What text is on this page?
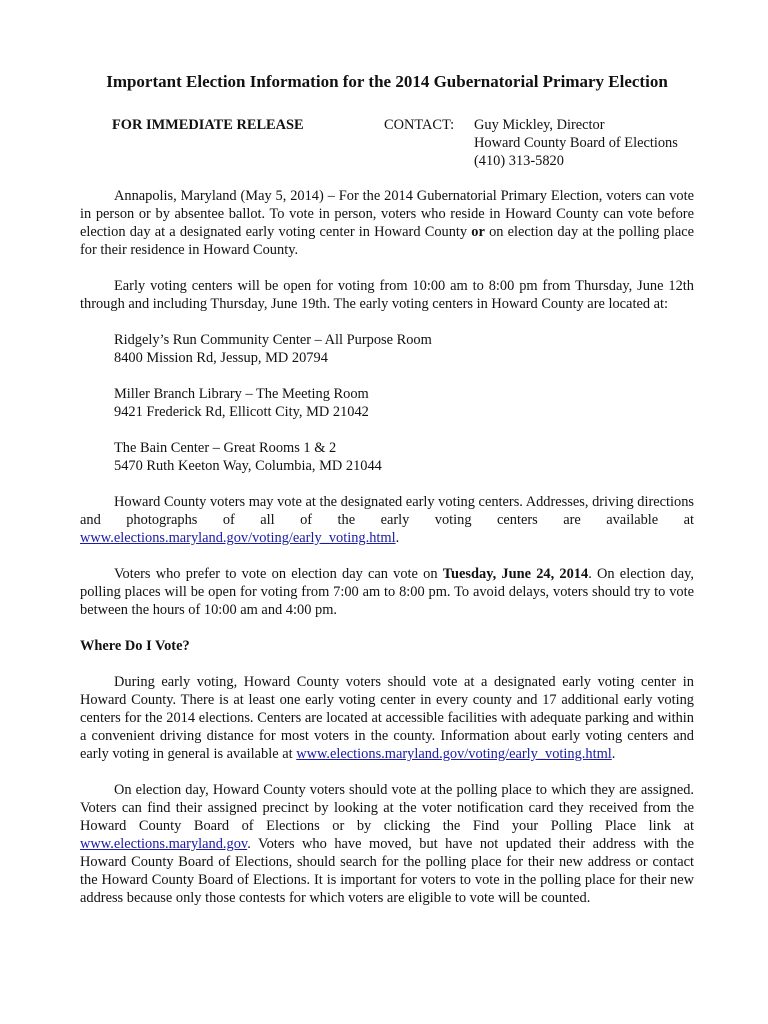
Important Election Information for the 2014 Gubernatorial Primary Election
FOR IMMEDIATE RELEASE	CONTACT: Guy Mickley, Director
Howard County Board of Elections
(410) 313-5820

Annapolis, Maryland (May 5, 2014) – For the 2014 Gubernatorial Primary Election, voters can vote in person or by absentee ballot. To vote in person, voters who reside in Howard County can vote before election day at a designated early voting center in Howard County or on election day at the polling place for their residence in Howard County.

Early voting centers will be open for voting from 10:00 am to 8:00 pm from Thursday, June 12th through and including Thursday, June 19th. The early voting centers in Howard County are located at:

Ridgely’s Run Community Center – All Purpose Room
8400 Mission Rd, Jessup, MD 20794
Miller Branch Library – The Meeting Room
9421 Frederick Rd, Ellicott City, MD 21042
The Bain Center – Great Rooms 1 & 2
5470 Ruth Keeton Way, Columbia, MD 21044

Howard County voters may vote at the designated early voting centers. Addresses, driving directions and photographs of all of the early voting centers are available at www.elections.maryland.gov/voting/early_voting.html.

Voters who prefer to vote on election day can vote on Tuesday, June 24, 2014. On election day, polling places will be open for voting from 7:00 am to 8:00 pm. To avoid delays, voters should try to vote between the hours of 10:00 am and 4:00 pm.

Where Do I Vote?

During early voting, Howard County voters should vote at a designated early voting center in Howard County. There is at least one early voting center in every county and 17 additional early voting centers for the 2014 elections. Centers are located at accessible facilities with adequate parking and within a convenient driving distance for most voters in the county. Information about early voting centers and early voting in general is available at www.elections.maryland.gov/voting/early_voting.html.

On election day, Howard County voters should vote at the polling place to which they are assigned. Voters can find their assigned precinct by looking at the voter notification card they received from the Howard County Board of Elections or by clicking the Find your Polling Place link at www.elections.maryland.gov. Voters who have moved, but have not updated their address with the Howard County Board of Elections, should search for the polling place for their new address or contact the Howard County Board of Elections. It is important for voters to vote in the polling place for their new address because only those contests for which voters are eligible to vote will be counted.
